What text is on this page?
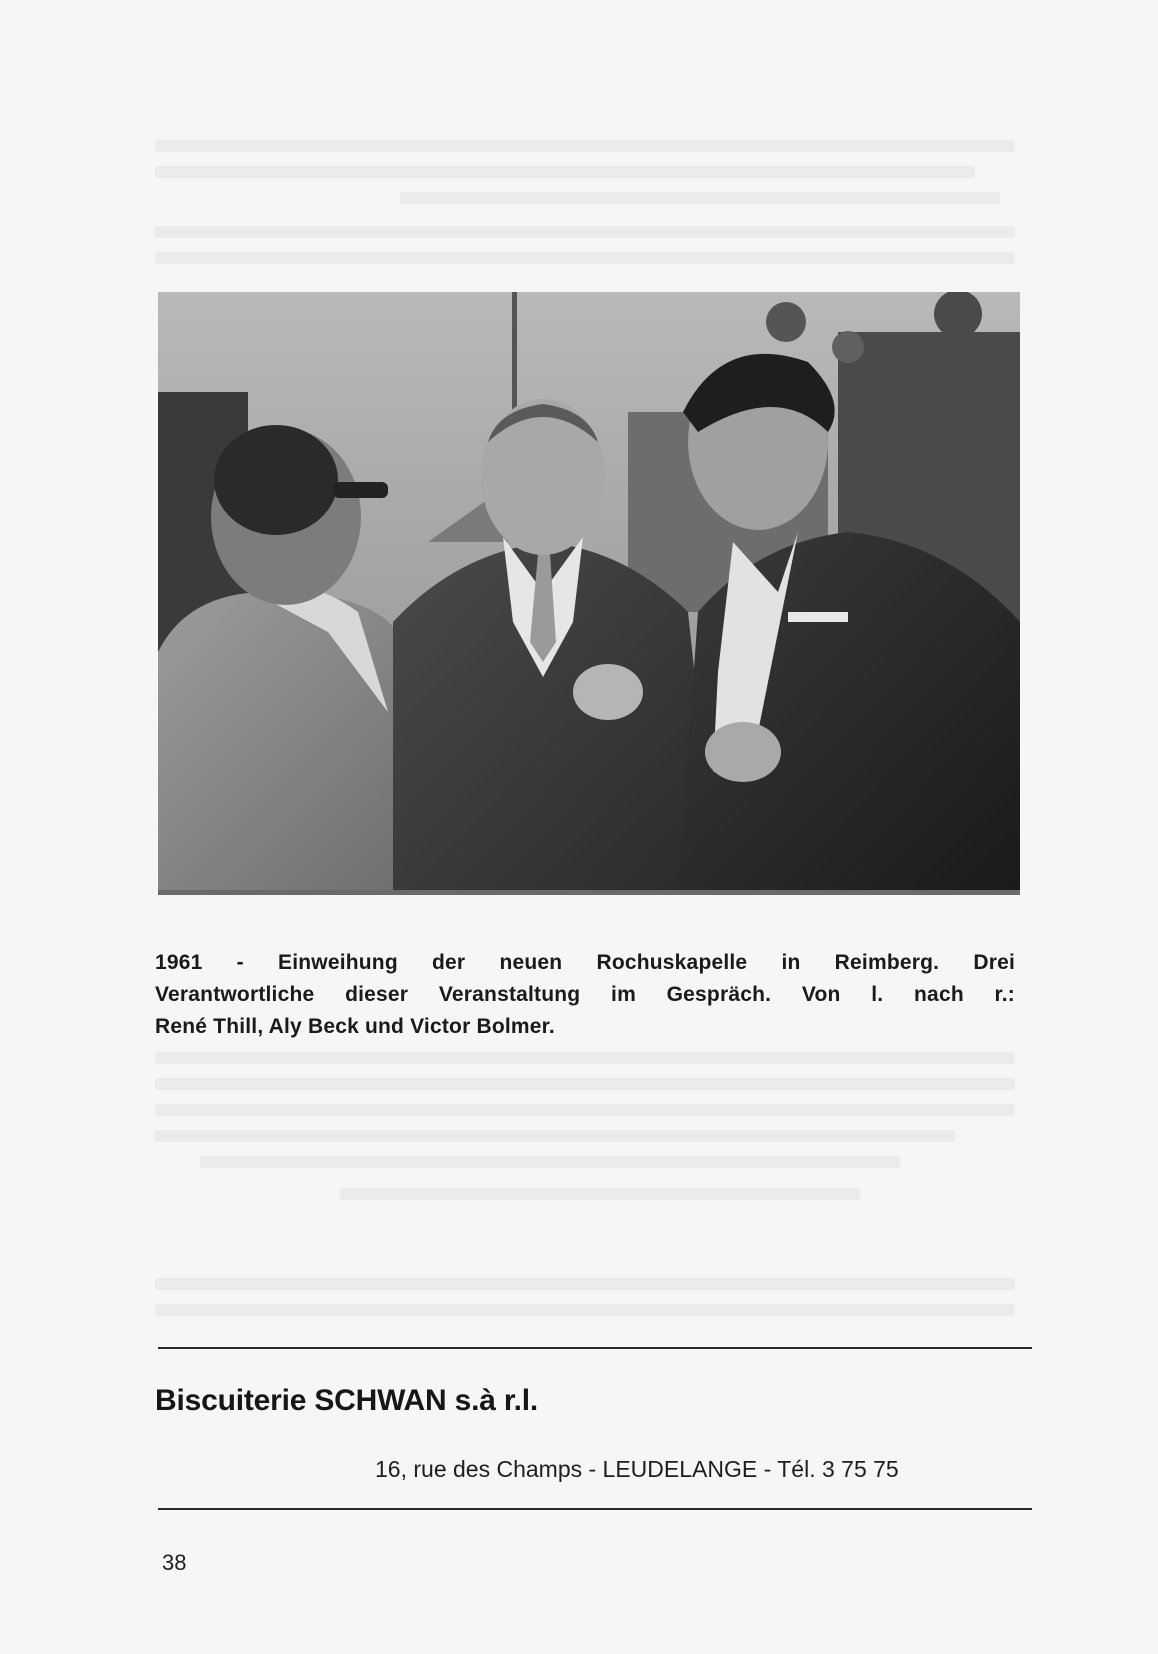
1961 - Einweihung der neuen Rochuskapelle in Reimberg. Drei
Verantwortliche dieser Veranstaltung im Gespräch. Von l. nach r.:
René Thill, Aly Beck und Victor Bolmer.
Biscuiterie SCHWAN s.à r.l.
16, rue des Champs - LEUDELANGE - Tél. 3 75 75
38
